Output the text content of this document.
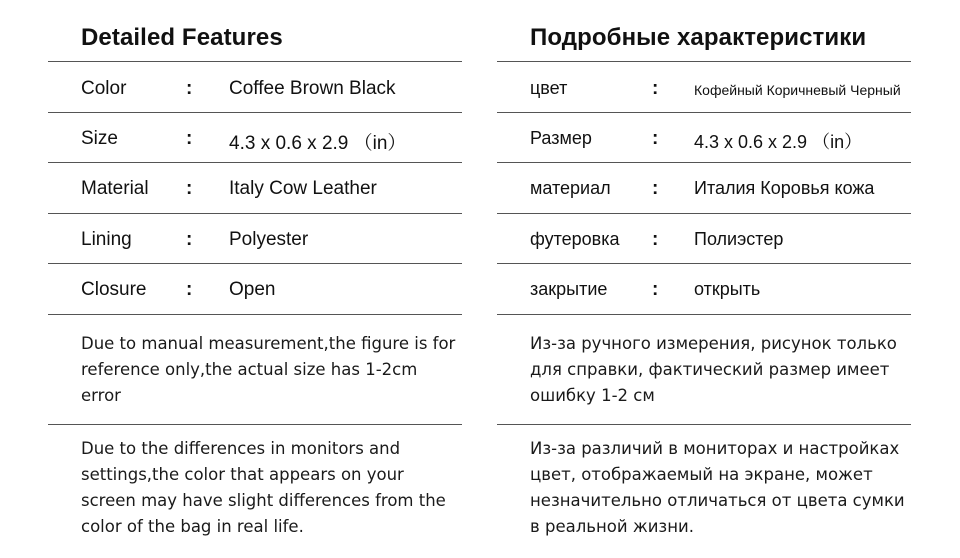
Detailed Features
Color	: Coffee Brown Black
Size	: 4.3 x 0.6 x 2.9 （in）
Material : Italy Cow Leather
Lining	: Polyester
Closure : Open
Due to manual measurement,the figure is for reference only,the actual size has 1-2cm error
Due to the differences in monitors and settings,the color that appears on your screen may have slight differences from the color of the bag in real life.
Подробные характеристики
цвет	:	Кофейный Коричневый Черный
Размер	: 4.3 x 0.6 x 2.9 （in）
материал : Италия Коровья кожа
футеровка : Полиэстер
закрытие : открыть
Из-за ручного измерения, рисунок только для справки, фактический размер имеет ошибку 1-2 см
Из-за различий в мониторах и настройках цвет, отображаемый на экране, может незначительно отличаться от цвета сумки в реальной жизни.
